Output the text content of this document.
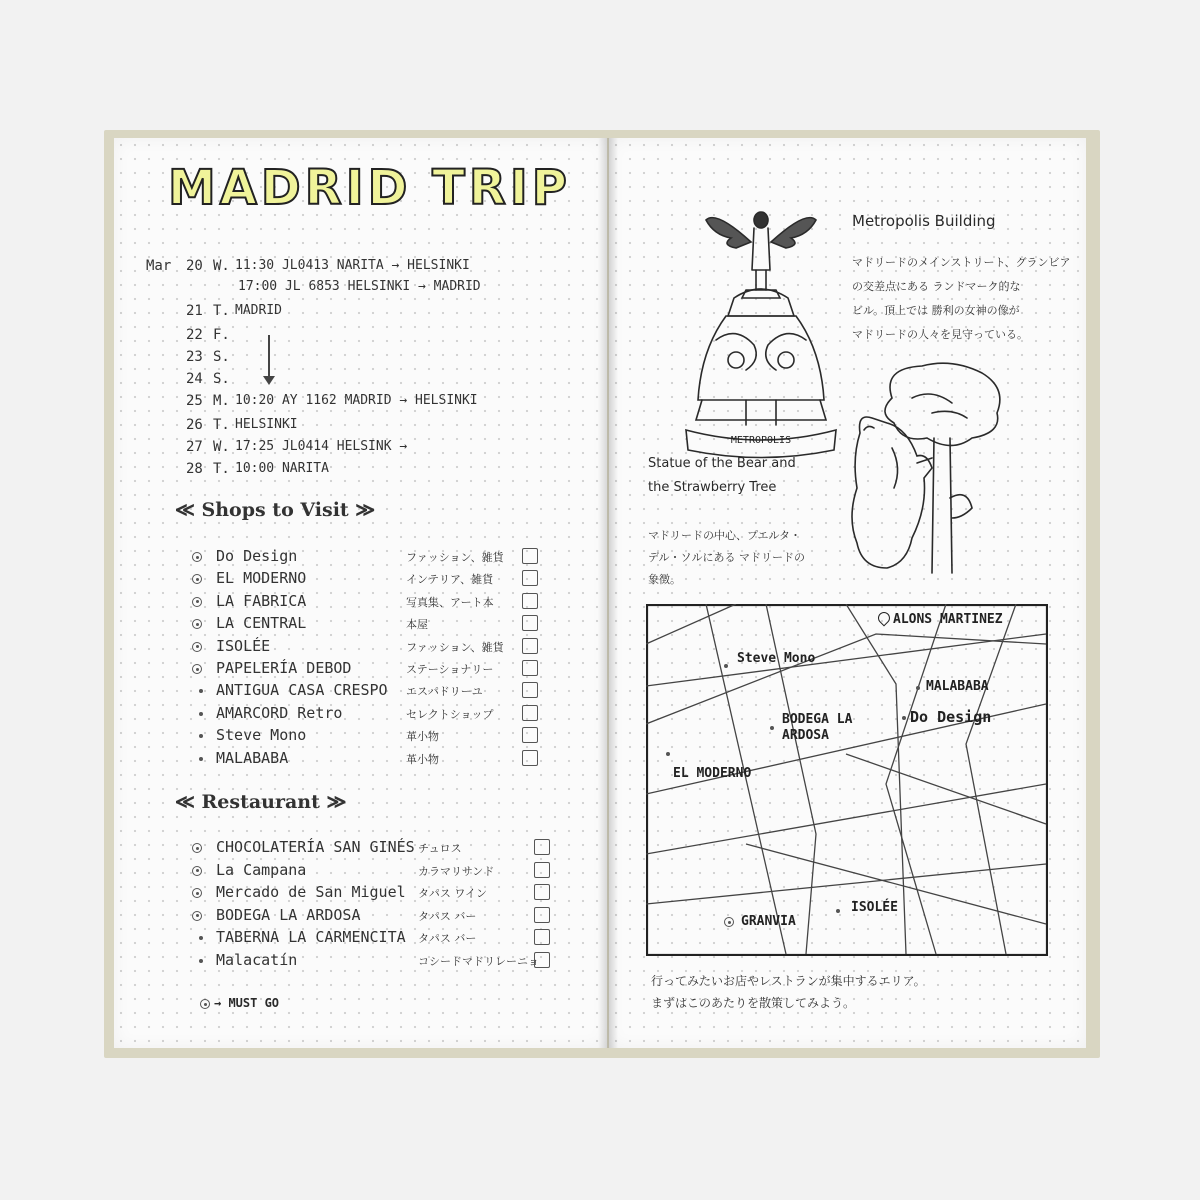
MADRID TRIP
Mar 20 W. 11:30 JL0413 NARITA → HELSINKI
17:00 JL 6853 HELSINKI → MADRID
21 T. MADRID
22 F.
23 S.
24 S.
25 M. 10:20 AY 1162 MADRID → HELSINKI
26 T. HELSINKI
27 W. 17:25 JL0414 HELSINK →
28 T. 10:00 NARITA
≪ Shops to Visit ≫
Do Design	ファッション、雑貨
EL MODERNO	インテリア、雑貨
LA FABRICA	写真集、アート本
LA CENTRAL	本屋
ISOLÉE	ファッション、雑貨
PAPELERÍA DEBOD	ステーショナリー
ANTIGUA CASA CRESPO エスパドリーユ
AMARCORD Retro	セレクトショップ
Steve Mono	革小物
MALABABA	革小物
≪ Restaurant ≫
CHOCOLATERÍA SAN GINÉS チュロス
La Campana	カラマリサンド
Mercado de San Miguel タパス ワイン
BODEGA LA ARDOSA	タパス バー
TABERNA LA CARMENCITA タパス バー
Malacatín	コシードマドリレーニョ
→ MUST GO
METROPOLIS
Metropolis Building
マドリードのメインストリート、グランビア
の交差点にある ランドマーク的な
ビル。頂上では 勝利の女神の像が
マドリードの人々を見守っている。
Statue of the Bear and
the Strawberry Tree
マドリードの中心、プエルタ・
デル・ソルにある マドリードの
象徴。
ALONS MARTINEZ
Steve Mono
MALABABA
BODEGA LA
ARDOSA
Do Design
EL MODERNO
ISOLÉE
GRANVIA
行ってみたいお店やレストランが集中するエリア。
まずはこのあたりを散策してみよう。
